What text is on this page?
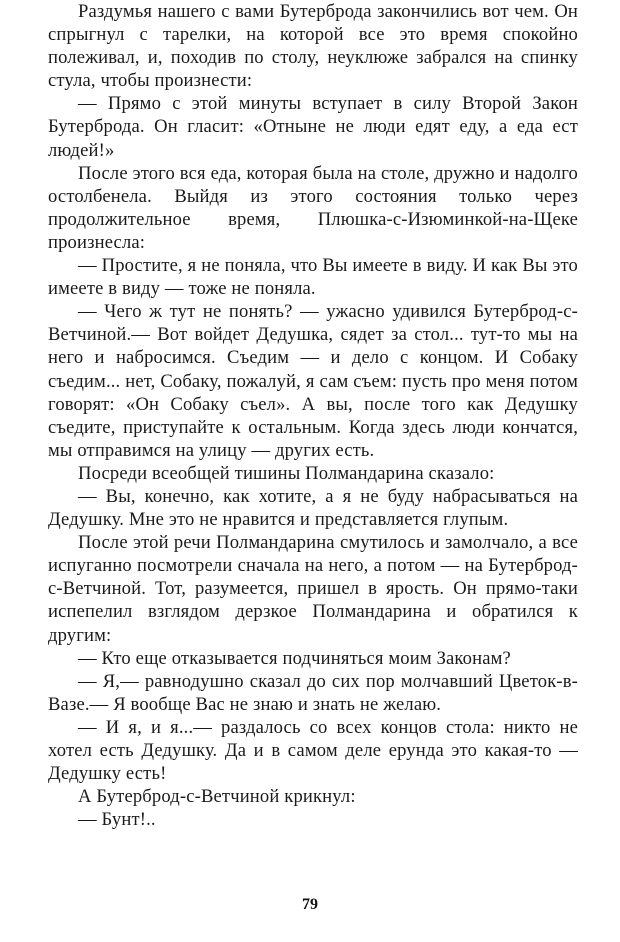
Раздумья нашего с вами Бутерброда закончились вот чем. Он спрыгнул с тарелки, на которой все это время спокойно полеживал, и, походив по столу, неуклюже забрался на спинку стула, чтобы произнести:

— Прямо с этой минуты вступает в силу Второй Закон Бутерброда. Он гласит: «Отныне не люди едят еду, а еда ест людей!»

После этого вся еда, которая была на столе, дружно и надолго остолбенела. Выйдя из этого состояния только через продолжительное время, Плюшка-с-Изюминкой-на-Щеке произнесла:

— Простите, я не поняла, что Вы имеете в виду. И как Вы это имеете в виду — тоже не поняла.

— Чего ж тут не понять? — ужасно удивился Бутерброд-с-Ветчиной.— Вот войдет Дедушка, сядет за стол... тут-то мы на него и набросимся. Съедим — и дело с концом. И Собаку съедим... нет, Собаку, пожалуй, я сам съем: пусть про меня потом говорят: «Он Собаку съел». А вы, после того как Дедушку съедите, приступайте к остальным. Когда здесь люди кончатся, мы отправимся на улицу — других есть.

Посреди всеобщей тишины Полмандарина сказало:

— Вы, конечно, как хотите, а я не буду набрасываться на Дедушку. Мне это не нравится и представляется глупым.

После этой речи Полмандарина смутилось и замолчало, а все испуганно посмотрели сначала на него, а потом — на Бутерброд-с-Ветчиной. Тот, разумеется, пришел в ярость. Он прямо-таки испепелил взглядом дерзкое Полмандарина и обратился к другим:

— Кто еще отказывается подчиняться моим Законам?

— Я,— равнодушно сказал до сих пор молчавший Цветок-в-Вазе.— Я вообще Вас не знаю и знать не желаю.

— И я, и я...— раздалось со всех концов стола: никто не хотел есть Дедушку. Да и в самом деле ерунда это какая-то — Дедушку есть!

А Бутерброд-с-Ветчиной крикнул:

— Бунт!..

79
